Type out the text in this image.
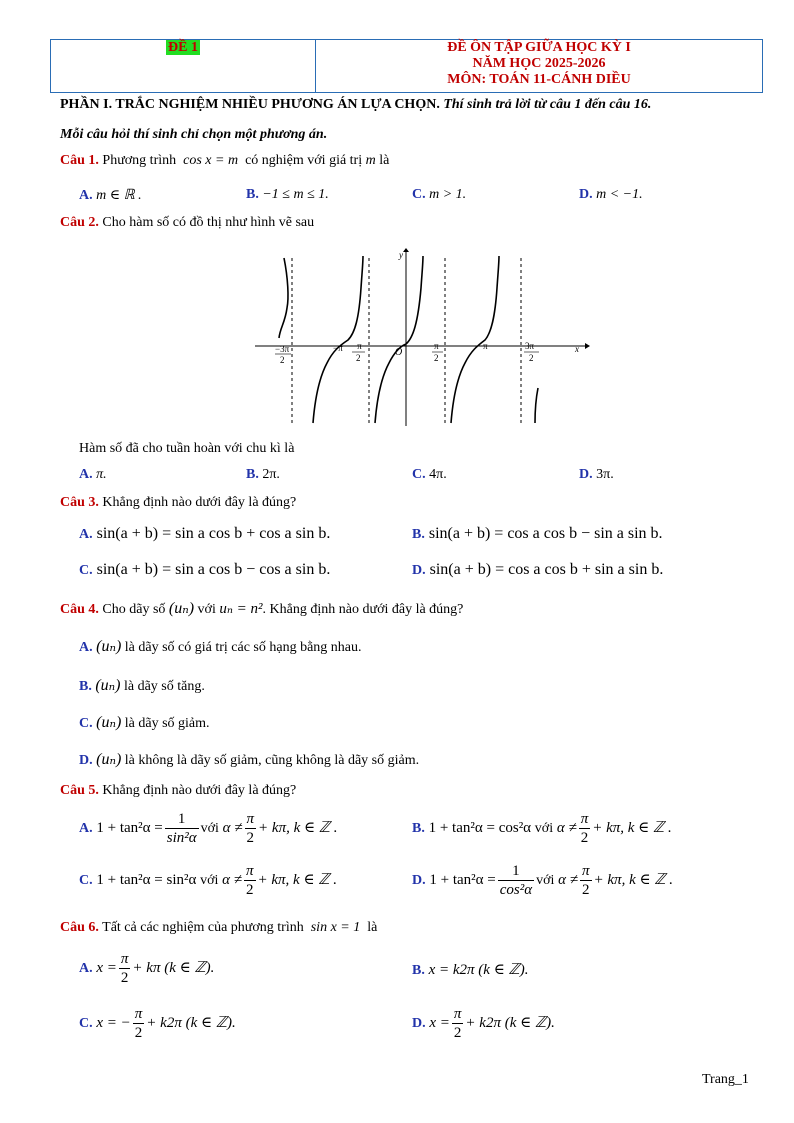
ĐỀ 1	ĐỀ ÔN TẬP GIỮA HỌC KỲ I
NĂM HỌC 2025-2026
MÔN: TOÁN 11-CÁNH DIỀU
PHẦN I. TRẮC NGHIỆM NHIỀU PHƯƠNG ÁN LỰA CHỌN. Thí sinh trả lời từ câu 1 đến câu 16.
Mỗi câu hỏi thí sinh chỉ chọn một phương án.
Câu 1. Phương trình cos x = m có nghiệm với giá trị m là
A. m ∈ ℝ .	B. −1 ≤ m ≤ 1.	C. m > 1.	D. m < −1.
Câu 2. Cho hàm số có đồ thị như hình vẽ sau
y
x
O
−3π
2
−π −π
2
π
2
π	3π
2
Hàm số đã cho tuần hoàn với chu kì là
A. π.	B. 2π.	C. 4π.	D. 3π.
Câu 3. Khẳng định nào dưới đây là đúng?
A. sin(a + b) = sin a cos b + cos a sin b.	B. sin(a + b) = cos a cos b − sin a sin b.
C. sin(a + b) = sin a cos b − cos a sin b.	D. sin(a + b) = cos a cos b + sin a sin b.
Câu 4. Cho dãy số (uₙ) với uₙ = n². Khẳng định nào dưới đây là đúng?
A. (uₙ) là dãy số có giá trị các số hạng bằng nhau.
B. (uₙ) là dãy số tăng.
C. (uₙ) là dãy số giảm.
D. (uₙ) là không là dãy số giảm, cũng không là dãy số giảm.
Câu 5. Khẳng định nào dưới đây là đúng?
A. $1 + \tan^2\alpha = \frac{1}{\text{sin²α}}$ với $\alpha \ne \frac{\pi}{2} + k\pi$, k ∈ ℤ .	B. 1 + tan²α = cos²α với $\alpha \ne \frac{\pi}{2} + k\pi$, k ∈ ℤ .
C. 1 + tan²α = sin²α với $\alpha \ne \frac{\pi}{2} + k\pi$, k ∈ ℤ .	D. $1 + \tan^2\alpha = \frac{1}{\text{cos²α}}$ với $\alpha \ne \frac{\pi}{2} + k\pi$, k ∈ ℤ .
Câu 6. Tất cả các nghiệm của phương trình sin x = 1 là
A. $x = \frac{\pi}{2} + k\pi$ (k ∈ ℤ).	B. x = k2π (k ∈ ℤ).
C. x = − $\frac{\pi}{2} + k2\pi$ (k ∈ ℤ).	D. $x = \frac{\pi}{2} + k2\pi$ (k ∈ ℤ).
Trang_1
